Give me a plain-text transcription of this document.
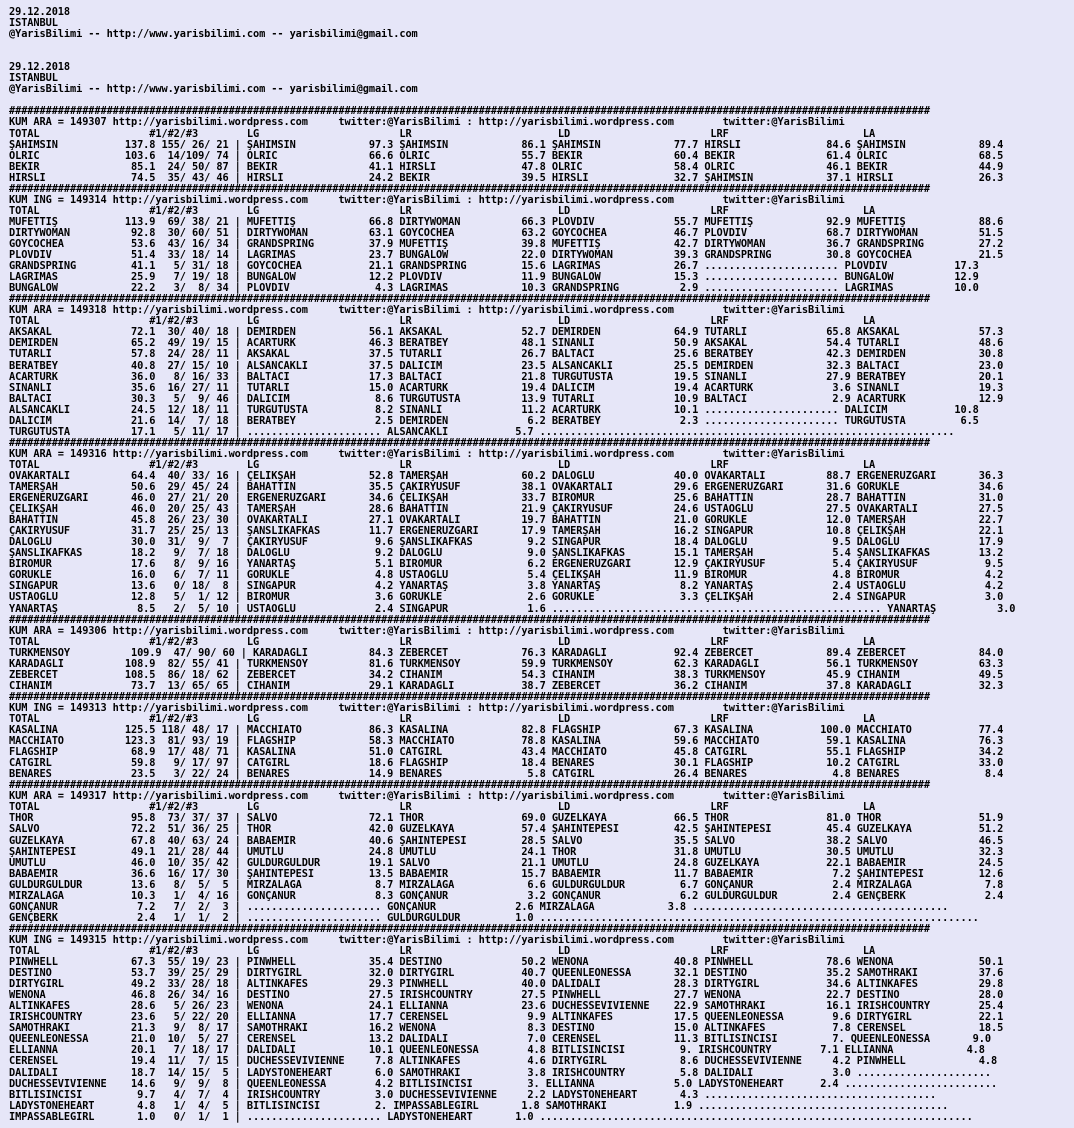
29.12.2018
ISTANBUL
@YarisBilimi -- http://www.yarisbilimi.com -- yarisbilimi@gmail.com

29.12.2018
ISTANBUL
@YarisBilimi -- http://www.yarisbilimi.com -- yarisbilimi@gmail.com

#######################################################################################################################################################
KUM ARA = 149307 http://yarisbilimi.wordpress.com     twitter:@YarisBilimi : http://yarisbilimi.wordpress.com        twitter:@YarisBilimi
TOTAL                  #1/#2/#3        LG                       LR                        LD                       LRF                      LA
ŞAHIMSIN           137.8 155/ 26/ 21 | ŞAHIMSIN            97.3 ŞAHIMSIN            86.1 ŞAHIMSIN            77.7 HIRSLI              84.6 ŞAHIMSIN            89.4
ÖLRIC              103.6  14/109/ 74 | ÖLRIC               66.6 ÖLRIC               55.7 BEKIR               60.4 BEKIR               61.4 ÖLRIC               68.5
BEKIR               85.1  24/ 50/ 87 | BEKIR               41.1 HIRSLI              47.8 ÖLRIC               58.4 ÖLRIC               46.1 BEKIR               44.9
HIRSLI              74.5  35/ 43/ 46 | HIRSLI              24.2 BEKIR               39.5 HIRSLI              32.7 ŞAHIMSIN            37.1 HIRSLI              26.3
#######################################################################################################################################################
KUM ING = 149314 http://yarisbilimi.wordpress.com     twitter:@YarisBilimi : http://yarisbilimi.wordpress.com        twitter:@YarisBilimi
TOTAL                  #1/#2/#3        LG                       LR                        LD                       LRF                      LA
MÜFETTİŞ           113.9  69/ 38/ 21 | MÜFETTİŞ            66.8 DIRTYWOMAN          66.3 PLOVDIV             55.7 MÜFETTİŞ            92.9 MÜFETTİŞ            88.6
DIRTYWOMAN          92.8  30/ 60/ 51 | DIRTYWOMAN          63.1 GOYCOCHEA           63.2 GOYCOCHEA           46.7 PLOVDIV             68.7 DIRTYWOMAN          51.5
GOYCOCHEA           53.6  43/ 16/ 34 | GRANDSPRING         37.9 MÜFETTİŞ            39.8 MÜFETTİŞ            42.7 DIRTYWOMAN          36.7 GRANDSPRING         27.2
PLOVDIV             51.4  33/ 18/ 14 | LAGRIMAS            23.7 BUNGALOW            22.0 DIRTYWOMAN          39.3 GRANDSPRING         30.8 GOYCOCHEA           21.5
GRANDSPRING         41.1   5/ 31/ 18 | GOYCOCHEA           21.1 GRANDSPRING         15.6 LAGRIMAS            26.7 ...................... PLOVDIV           17.3
LAGRIMAS            25.9   7/ 19/ 18 | BUNGALOW            12.2 PLOVDIV             11.9 BUNGALOW            15.3 ...................... BUNGALOW          12.9
BUNGALOW            22.2   3/  8/ 34 | PLOVDIV              4.3 LAGRIMAS            10.3 GRANDSPRING          2.9 ...................... LAGRIMAS          10.0
#######################################################################################################################################################
KUM ARA = 149318 http://yarisbilimi.wordpress.com     twitter:@YarisBilimi : http://yarisbilimi.wordpress.com        twitter:@YarisBilimi
TOTAL                  #1/#2/#3        LG                       LR                        LD                       LRF                      LA
AKSAKAL             72.1  30/ 40/ 18 | DEMİRDEN            56.1 AKSAKAL             52.7 DEMİRDEN            64.9 TUTARLI             65.8 AKSAKAL             57.3
DEMİRDEN            65.2  49/ 19/ 15 | ACARTÜRK            46.3 BERATBEY            48.1 SİNANLI             50.9 AKSAKAL             54.4 TUTARLI             48.6
TUTARLI             57.8  24/ 28/ 11 | AKSAKAL             37.5 TUTARLI             26.7 BALTACI             25.6 BERATBEY            42.3 DEMİRDEN            30.8
BERATBEY            40.8  27/ 15/ 10 | ALSANCAKLI          37.5 DALICIM             23.5 ALSANCAKLI          25.5 DEMİRDEN            32.3 BALTACI             23.0
ACARTÜRK            36.0   8/ 16/ 33 | BALTACI             17.3 BALTACI             21.8 TURGUTUSTA          19.5 SİNANLI             27.9 BERATBEY            20.1
SİNANLI             35.6  16/ 27/ 11 | TUTARLI             15.0 ACARTÜRK            19.4 DALICIM             19.4 ACARTÜRK             3.6 SİNANLI             19.3
BALTACI             30.3   5/  9/ 46 | DALICIM              8.6 TURGUTUSTA          13.9 TUTARLI             10.9 BALTACI              2.9 ACARTÜRK            12.9
ALSANCAKLI          24.5  12/ 18/ 11 | TURGUTUSTA           8.2 SİNANLI             11.2 ACARTÜRK            10.1 ...................... DALICIM           10.8
DALICIM             21.6  14/  7/ 18 | BERATBEY             2.5 DEMİRDEN             6.2 BERATBEY             2.3 ...................... TURGUTUSTA         6.5
TURGUTUSTA          17.1   5/ 11/ 17 | ...................... ALSANCAKLI           5.7 ....................................................................
#######################################################################################################################################################
KUM ARA = 149316 http://yarisbilimi.wordpress.com     twitter:@YarisBilimi : http://yarisbilimi.wordpress.com        twitter:@YarisBilimi
TOTAL                  #1/#2/#3        LG                       LR                        LD                       LRF                      LA
OVAKARTALI          64.4  40/ 33/ 16 | ÇELİKŞAH            52.8 TAMERŞAH            60.2 DALOĞLU             40.0 OVAKARTALI          88.7 ERGENERÜZGARI       36.3
TAMERŞAH            50.6  29/ 45/ 24 | BAHATTİN            35.5 ÇAKIRYUSUF          38.1 OVAKARTALI          29.6 ERGENERÜZGARI       31.6 GÖRÜKLE             34.6
ERGENERÜZGARI       46.0  27/ 21/ 20 | ERGENERÜZGARI       34.6 ÇELİKŞAH            33.7 BİRÖMÜR             25.6 BAHATTİN            28.7 BAHATTİN            31.0
ÇELİKŞAH            46.0  20/ 25/ 43 | TAMERŞAH            28.6 BAHATTİN            21.9 ÇAKIRYUSUF          24.6 USTAOĞLU            27.5 OVAKARTALI          27.5
BAHATTİN            45.8  26/ 23/ 30 | OVAKARTALI          27.1 OVAKARTALI          19.7 BAHATTİN            21.0 GÖRÜKLE             12.0 TAMERŞAH            22.7
ÇAKIRYUSUF          31.7  25/ 25/ 13 | ŞANSLIKAFKAS        11.7 ERGENERÜZGARI       17.9 TAMERŞAH            16.2 SİNGAPUR            10.8 ÇELİKŞAH            22.1
DALOĞLU             30.0  31/  9/  7 | ÇAKIRYUSUF           9.6 ŞANSLIKAFKAS         9.2 SİNGAPUR            18.4 DALOĞLU              9.5 DALOĞLU             17.9
ŞANSLIKAFKAS        18.2   9/  7/ 18 | DALOĞLU              9.2 DALOĞLU              9.0 ŞANSLIKAFKAS        15.1 TAMERŞAH             5.4 ŞANSLIKAFKAS        13.2
BİRÖMÜR             17.6   8/  9/ 16 | YANARTAŞ             5.1 BİRÖMÜR              6.2 ERGENERÜZGARI       12.9 ÇAKIRYUSUF           5.4 ÇAKIRYUSUF           9.5
GÖRÜKLE             16.0   6/  7/ 11 | GÖRÜKLE              4.8 USTAOĞLU             5.4 ÇELİKŞAH            11.9 BİRÖMÜR              4.8 BİRÖMÜR              4.2
SİNGAPUR            13.6   0/ 18/  8 | SİNGAPUR             4.2 YANARTAŞ             3.8 YANARTAŞ             8.2 YANARTAŞ             2.4 USTAOĞLU             4.2
USTAOĞLU            12.8   5/  1/ 12 | BİRÖMÜR              3.6 GÖRÜKLE              2.6 GÖRÜKLE              3.3 ÇELİKŞAH             2.4 SİNGAPUR             3.0
YANARTAŞ             8.5   2/  5/ 10 | USTAOĞLU             2.4 SİNGAPUR             1.6 ...................................................... YANARTAŞ          3.0
#######################################################################################################################################################
KUM ARA = 149306 http://yarisbilimi.wordpress.com     twitter:@YarisBilimi : http://yarisbilimi.wordpress.com        twitter:@YarisBilimi
TOTAL                  #1/#2/#3        LG                       LR                        LD                       LRF                      LA
TÜRKMENSOY          109.9  47/ 90/ 60 | KARADAĞLI          84.3 ZEBERCET            76.3 KARADAĞLI           92.4 ZEBERCET            89.4 ZEBERCET            84.0
KARADAĞLI          108.9  82/ 55/ 41 | TÜRKMENSOY          81.6 TÜRKMENSOY          59.9 TÜRKMENSOY          62.3 KARADAĞLI           56.1 TÜRKMENSOY          63.3
ZEBERCET           108.5  86/ 18/ 62 | ZEBERCET            34.2 CİHANIM             54.3 CİHANIM             38.3 TÜRKMENSOY          45.9 CİHANIM             49.5
CİHANIM             73.7  13/ 65/ 65 | CİHANIM             29.1 KARADAĞLI           38.7 ZEBERCET            36.2 CİHANIM             37.8 KARADAĞLI           32.3
#######################################################################################################################################################
KUM ING = 149313 http://yarisbilimi.wordpress.com     twitter:@YarisBilimi : http://yarisbilimi.wordpress.com        twitter:@YarisBilimi
TOTAL                  #1/#2/#3        LG                       LR                        LD                       LRF                      LA
KASALINA           125.5 118/ 48/ 17 | MACCHIATO           86.3 KASALINA            82.8 FLAGSHIP            67.3 KASALINA           100.0 MACCHIATO           77.4
MACCHIATO          123.3  81/ 93/ 19 | FLAGSHIP            58.3 MACCHIATO           78.8 KASALINA            59.6 MACCHIATO           59.1 KASALINA            76.3
FLAGSHIP            68.9  17/ 48/ 71 | KASALINA            51.0 CATGIRL             43.4 MACCHIATO           45.8 CATGIRL             55.1 FLAGSHIP            34.2
CATGIRL             59.8   9/ 17/ 97 | CATGIRL             18.6 FLAGSHIP            18.4 BENARES             30.1 FLAGSHIP            10.2 CATGIRL             33.0
BENARES             23.5   3/ 22/ 24 | BENARES             14.9 BENARES              5.8 CATGIRL             26.4 BENARES              4.8 BENARES              8.4
#######################################################################################################################################################
KUM ARA = 149317 http://yarisbilimi.wordpress.com     twitter:@YarisBilimi : http://yarisbilimi.wordpress.com        twitter:@YarisBilimi
TOTAL                  #1/#2/#3        LG                       LR                        LD                       LRF                      LA
THOR                95.8  73/ 37/ 37 | SALVO               72.1 THOR                69.0 GÜZELKAYA           66.5 THOR                81.0 THOR                51.9
SALVO               72.2  51/ 36/ 25 | THOR                42.0 GÜZELKAYA           57.4 ŞAHİNTEPESİ         42.5 ŞAHİNTEPESİ         45.4 GÜZELKAYA           51.2
GÜZELKAYA           67.8  40/ 63/ 24 | BABAEMİR            40.6 ŞAHİNTEPESİ         28.5 SALVO               35.5 SALVO               38.2 SALVO               46.5
ŞAHİNTEPESİ         49.1  21/ 28/ 44 | UMUTLU              24.8 UMUTLU              24.1 THOR                31.8 UMUTLU              30.5 UMUTLU              32.3
UMUTLU              46.0  10/ 35/ 42 | GÜLDÜRGÜLDÜR        19.1 SALVO               21.1 UMUTLU              24.8 GÜZELKAYA           22.1 BABAEMİR            24.5
BABAEMİR            36.6  16/ 17/ 30 | ŞAHİNTEPESİ         13.5 BABAEMİR            15.7 BABAEMİR            11.7 BABAEMİR             7.2 ŞAHİNTEPESİ         12.6
GÜLDÜRGÜLDÜR        13.6   8/  5/  5 | MİRZALAGA            8.7 MİRZALAGA            6.6 GÜLDÜRGÜLDÜR         6.7 GONÇANUR             2.4 MİRZALAGA            7.8
MİRZALAGA           10.3   1/  4/ 16 | GONÇANUR             8.3 GONÇANUR             3.2 GONÇANUR             6.2 GÜLDÜRGÜLDÜR         2.4 GENÇBERK             2.4
GONÇANUR             7.2   7/  2/  3 | ...................... GONÇANUR             2.6 MİRZALAGA            3.8 ..........................................
GENÇBERK             2.4   1/  1/  2 | ...................... GÜLDÜRGÜLDÜR         1.0 ........................................................................
#######################################################################################################################################################
KUM ING = 149315 http://yarisbilimi.wordpress.com     twitter:@YarisBilimi : http://yarisbilimi.wordpress.com        twitter:@YarisBilimi
TOTAL                  #1/#2/#3        LG                       LR                        LD                       LRF                      LA
PINWHELL            67.3  55/ 19/ 23 | PINWHELL            35.4 DESTINO             50.2 WENONA              40.8 PINWHELL            78.6 WENONA              50.1
DESTINO             53.7  39/ 25/ 29 | DIRTYGIRL           32.0 DIRTYGIRL           40.7 QUEENLEONESSA       32.1 DESTINO             35.2 SAMOTHRAKI          37.6
DIRTYGIRL           49.2  33/ 28/ 18 | ALTINKAFES          29.3 PINWHELL            40.0 DALIDALI            28.3 DIRTYGIRL           34.6 ALTINKAFES          29.8
WENONA              46.8  26/ 34/ 16 | DESTINO             27.5 IRISHCOUNTRY        27.5 PINWHELL            27.7 WENONA              22.7 DESTINO             28.0
ALTINKAFES          28.6   5/ 26/ 23 | WENONA              24.1 ELLIANNA            23.6 DUCHESSEVIVIENNE    22.9 SAMOTHRAKI          16.1 IRISHCOUNTRY        25.4
IRISHCOUNTRY        23.6   5/ 22/ 20 | ELLIANNA            17.7 CERENSEL             9.9 ALTINKAFES          17.5 QUEENLEONESSA        9.6 DIRTYGIRL           22.1
SAMOTHRAKI          21.3   9/  8/ 17 | SAMOTHRAKI          16.2 WENONA               8.3 DESTINO             15.0 ALTINKAFES           7.8 CERENSEL            18.5
QUEENLEONESSA       21.0  10/  5/ 27 | CERENSEL            13.2 DALIDALI             7.0 CERENSEL            11.3 BİTLİSİNCİSİ         7. QUEENLEONESSA       9.0
ELLIANNA            20.1   7/ 18/ 17 | DALIDALI            10.1 QUEENLEONESSA        4.8 BİTLİSİNCİSİ         9. IRISHCOUNTRY        7.1 ELLIANNA            4.8
CERENSEL            19.4  11/  7/ 15 | DUCHESSEVIVIENNE     7.8 ALTINKAFES           4.6 DIRTYGIRL            8.6 DUCHESSEVIVIENNE     4.2 PINWHELL            4.8
DALIDALI            18.7  14/ 15/  5 | LADYSTONEHEART       6.0 SAMOTHRAKI           3.8 IRISHCOUNTRY         5.8 DALIDALI             3.0 ......................
DUCHESSEVIVIENNE    14.6   9/  9/  8 | QUEENLEONESSA        4.2 BİTLİSİNCİSİ         3. ELLIANNA             5.0 LADYSTONEHEART      2.4 .........................
BİTLİSİNCİSİ         9.7   4/  7/  4 | IRISHCOUNTRY         3.0 DUCHESSEVIVIENNE     2.2 LADYSTONEHEART       4.3 ......................................
LADYSTONEHEART       4.8   1/  4/  5 | BİTLİSİNCİSİ         2. IMPASSABLEGIRL       1.8 SAMOTHRAKI           1.9 .........................................
IMPASSABLEGIRL       1.0   0/  1/  1 | ...................... LADYSTONEHEART       1.0 .......................................................................
